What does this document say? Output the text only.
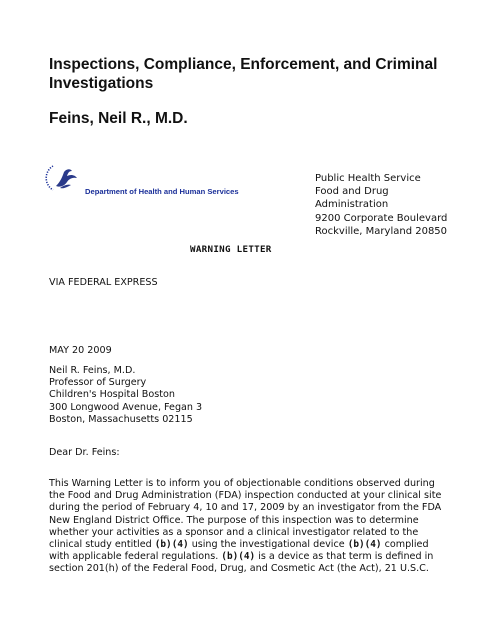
Inspections, Compliance, Enforcement, and Criminal
Investigations
Feins, Neil R., M.D.
Department of Health and Human Services
Public Health Service
Food and Drug
Administration
9200 Corporate Boulevard
Rockville, Maryland 20850
WARNING LETTER
VIA FEDERAL EXPRESS
MAY 20 2009
Neil R. Feins, M.D.
Professor of Surgery
Children's Hospital Boston
300 Longwood Avenue, Fegan 3
Boston, Massachusetts 02115
Dear Dr. Feins:
This Warning Letter is to inform you of objectionable conditions observed during
the Food and Drug Administration (FDA) inspection conducted at your clinical site
during the period of February 4, 10 and 17, 2009 by an investigator from the FDA
New England District Office. The purpose of this inspection was to determine
whether your activities as a sponsor and a clinical investigator related to the
clinical study entitled (b)(4) using the investigational device (b)(4) complied
with applicable federal regulations. (b)(4) is a device as that term is defined in
section 201(h) of the Federal Food, Drug, and Cosmetic Act (the Act), 21 U.S.C.
